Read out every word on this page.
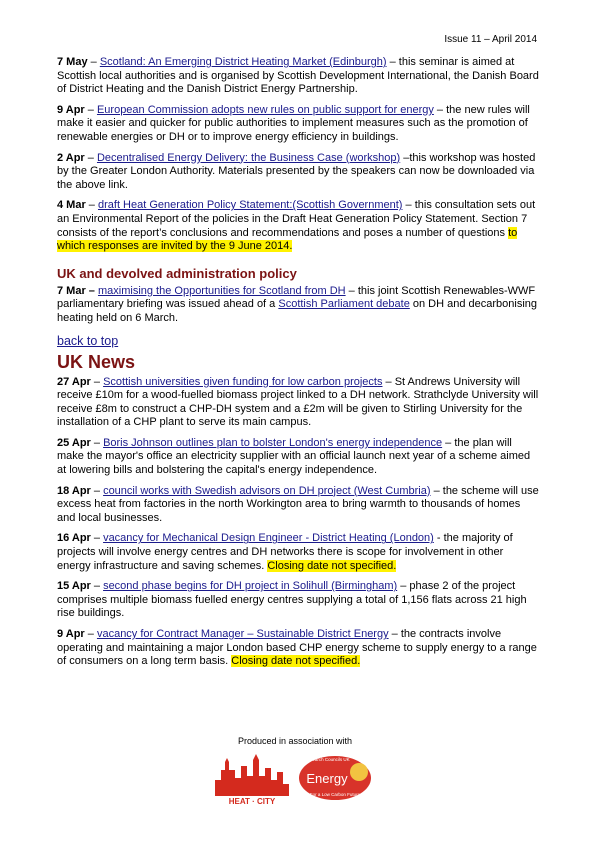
Issue 11 – April 2014

7 May – Scotland: An Emerging District Heating Market (Edinburgh) – this seminar is aimed at Scottish local authorities and is organised by Scottish Development International, the Danish Board of District Heating and the Danish District Energy Partnership.

9 Apr – European Commission adopts new rules on public support for energy – the new rules will make it easier and quicker for public authorities to implement measures such as the promotion of renewable energies or DH or to improve energy efficiency in buildings.

2 Apr – Decentralised Energy Delivery: the Business Case (workshop) –this workshop was hosted by the Greater London Authority. Materials presented by the speakers can now be downloaded via the above link.

4 Mar – draft Heat Generation Policy Statement:(Scottish Government) – this consultation sets out an Environmental Report of the policies in the Draft Heat Generation Policy Statement. Section 7 consists of the report’s conclusions and recommendations and poses a number of questions to which responses are invited by the 9 June 2014.

UK and devolved administration policy

7 Mar – maximising the Opportunities for Scotland from DH – this joint Scottish Renewables-WWF parliamentary briefing was issued ahead of a Scottish Parliament debate on DH and decarbonising heating held on 6 March.

back to top

UK News

27 Apr – Scottish universities given funding for low carbon projects – St Andrews University will receive £10m for a wood-fuelled biomass project linked to a DH network. Strathclyde University will receive £8m to construct a CHP-DH system and a £2m will be given to Stirling University for the installation of a CHP plant to serve its main campus.

25 Apr – Boris Johnson outlines plan to bolster London's energy independence – the plan will make the mayor's office an electricity supplier with an official launch next year of a scheme aimed at lowering bills and bolstering the capital's energy independence.

18 Apr – council works with Swedish advisors on DH project (West Cumbria) – the scheme will use excess heat from factories in the north Workington area to bring warmth to thousands of homes and local businesses.

16 Apr – vacancy for Mechanical Design Engineer - District Heating (London) - the majority of projects will involve energy centres and DH networks there is scope for involvement in other energy infrastructure and saving schemes. Closing date not specified.

15 Apr – second phase begins for DH project in Solihull (Birmingham) – phase 2 of the project comprises multiple biomass fuelled energy centres supplying a total of 1,156 flats across 21 high rise buildings.

9 Apr – vacancy for Contract Manager – Sustainable District Energy – the contracts involve operating and maintaining a major London based CHP energy scheme to supply energy to a range of consumers on a long term basis. Closing date not specified.

Produced in association with
HEAT · CITY
Research Councils UK
Energy
For a Low Carbon Future
